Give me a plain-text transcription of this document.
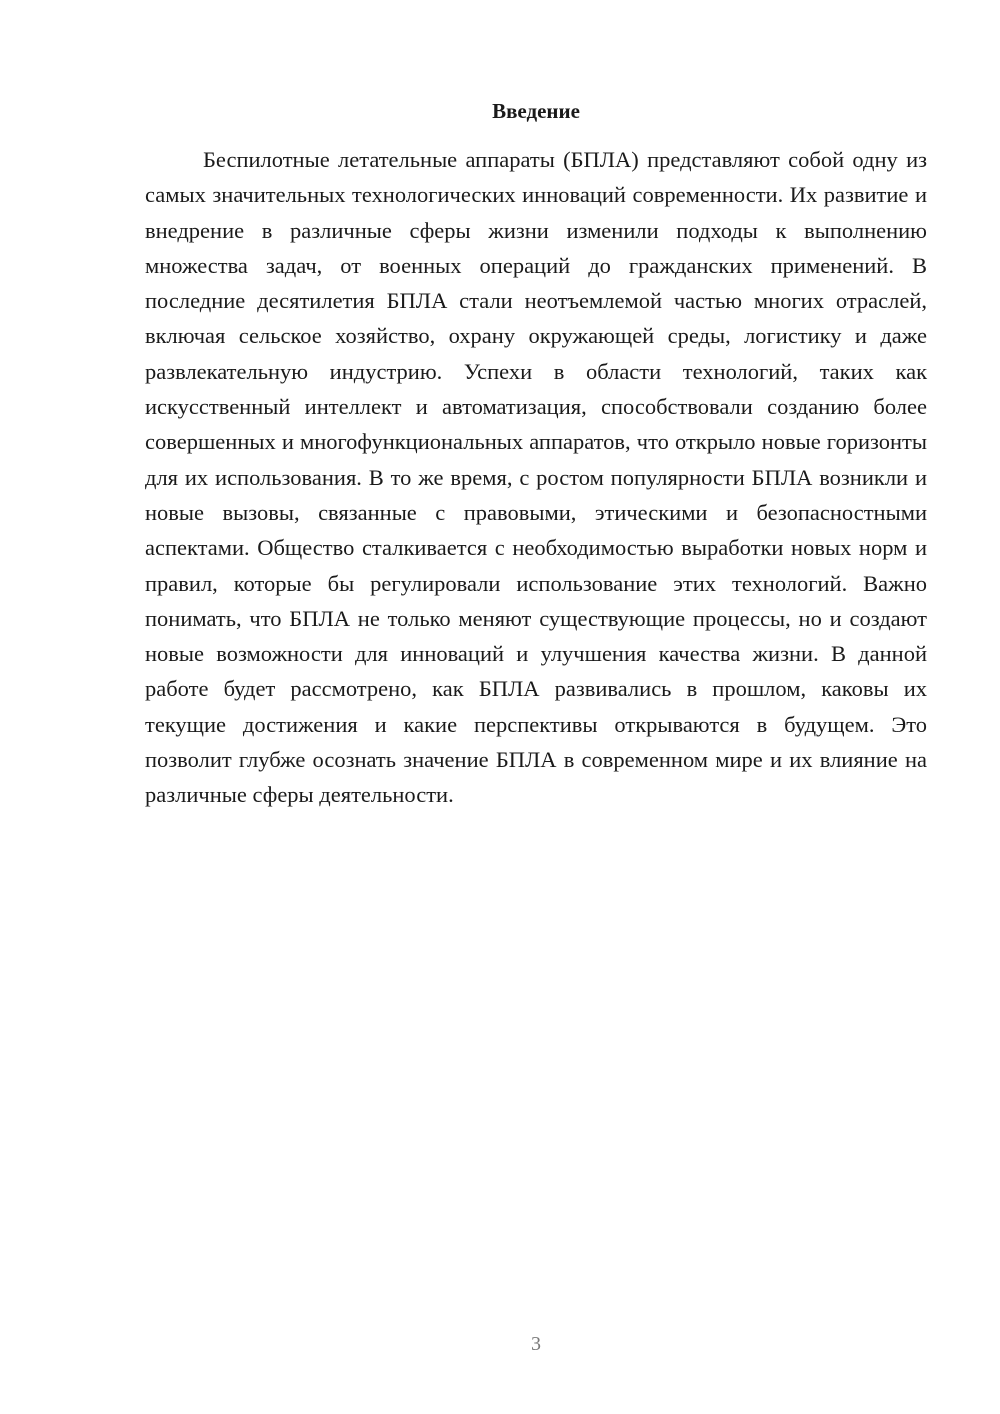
Введение

Беспилотные летательные аппараты (БПЛА) представляют собой одну из самых значительных технологических инноваций современности. Их развитие и внедрение в различные сферы жизни изменили подходы к выполнению множества задач, от военных операций до гражданских применений. В последние десятилетия БПЛА стали неотъемлемой частью многих отраслей, включая сельское хозяйство, охрану окружающей среды, логистику и даже развлекательную индустрию. Успехи в области технологий, таких как искусственный интеллект и автоматизация, способствовали созданию более совершенных и многофункциональных аппаратов, что открыло новые горизонты для их использования. В то же время, с ростом популярности БПЛА возникли и новые вызовы, связанные с правовыми, этическими и безопасностными аспектами. Общество сталкивается с необходимостью выработки новых норм и правил, которые бы регулировали использование этих технологий. Важно понимать, что БПЛА не только меняют существующие процессы, но и создают новые возможности для инноваций и улучшения качества жизни. В данной работе будет рассмотрено, как БПЛА развивались в прошлом, каковы их текущие достижения и какие перспективы открываются в будущем. Это позволит глубже осознать значение БПЛА в современном мире и их влияние на различные сферы деятельности.

3
